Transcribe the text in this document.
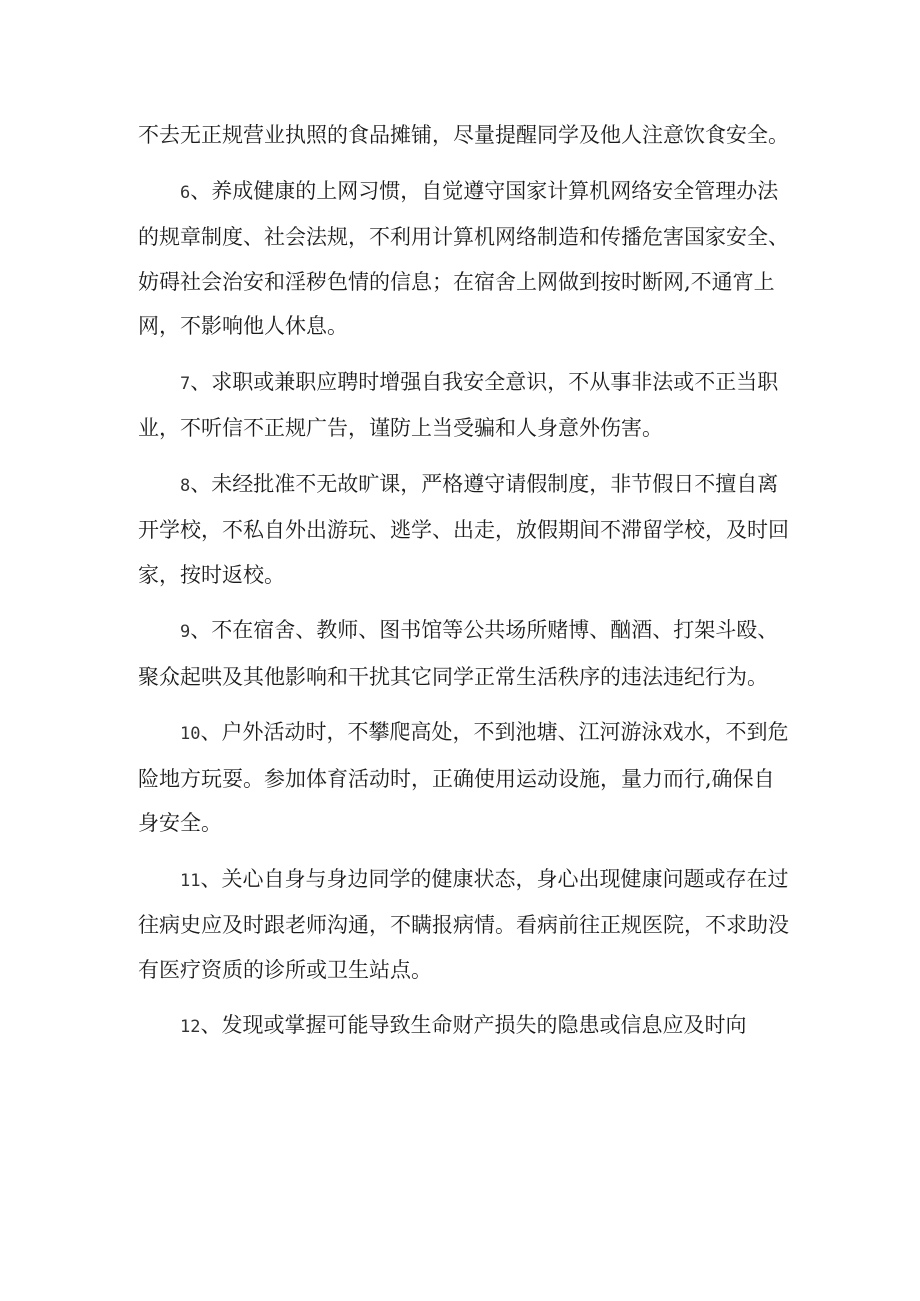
不去无正规营业执照的食品摊铺，尽量提醒同学及他人注意饮食安全。

6、养成健康的上网习惯，自觉遵守国家计算机网络安全管理办法的规章制度、社会法规，不利用计算机网络制造和传播危害国家安全、妨碍社会治安和淫秽色情的信息；在宿舍上网做到按时断网,不通宵上网，不影响他人休息。

7、求职或兼职应聘时增强自我安全意识，不从事非法或不正当职业，不听信不正规广告，谨防上当受骗和人身意外伤害。

8、未经批准不无故旷课，严格遵守请假制度，非节假日不擅自离开学校，不私自外出游玩、逃学、出走，放假期间不滞留学校，及时回家，按时返校。

9、不在宿舍、教师、图书馆等公共场所赌博、酗酒、打架斗殴、聚众起哄及其他影响和干扰其它同学正常生活秩序的违法违纪行为。

10、户外活动时，不攀爬高处，不到池塘、江河游泳戏水，不到危险地方玩耍。参加体育活动时，正确使用运动设施，量力而行,确保自身安全。

11、关心自身与身边同学的健康状态，身心出现健康问题或存在过往病史应及时跟老师沟通，不瞒报病情。看病前往正规医院，不求助没有医疗资质的诊所或卫生站点。

12、发现或掌握可能导致生命财产损失的隐患或信息应及时向
